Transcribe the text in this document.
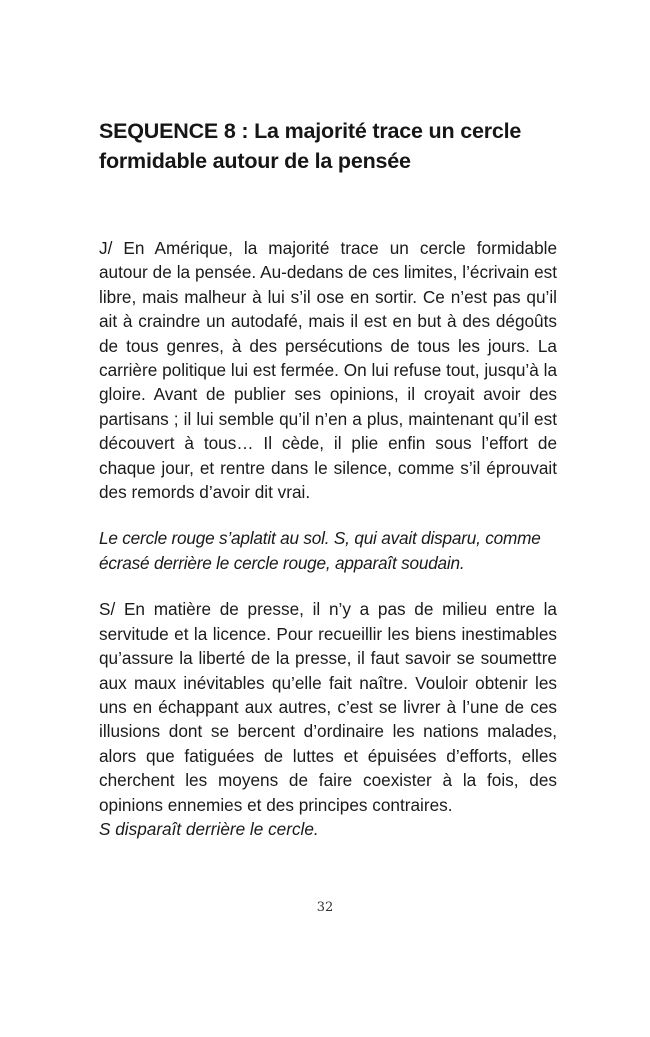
SEQUENCE 8 : La majorité trace un cercle formidable autour de la pensée

J/ En Amérique, la majorité trace un cercle formidable autour de la pensée. Au-dedans de ces limites, l’écrivain est libre, mais malheur à lui s’il ose en sortir. Ce n’est pas qu’il ait à craindre un autodafé, mais il est en but à des dégoûts de tous genres, à des persécutions de tous les jours. La carrière politique lui est fermée. On lui refuse tout, jusqu’à la gloire. Avant de publier ses opinions, il croyait avoir des partisans ; il lui semble qu’il n’en a plus, maintenant qu’il est découvert à tous… Il cède, il plie enfin sous l’effort de chaque jour, et rentre dans le silence, comme s’il éprouvait des remords d’avoir dit vrai.

Le cercle rouge s’aplatit au sol. S, qui avait disparu, comme écrasé derrière le cercle rouge, apparaît soudain.

S/ En matière de presse, il n’y a pas de milieu entre la servitude et la licence. Pour recueillir les biens inestimables qu’assure la liberté de la presse, il faut savoir se soumettre aux maux inévitables qu’elle fait naître. Vouloir obtenir les uns en échappant aux autres, c’est se livrer à l’une de ces illusions dont se bercent d’ordinaire les nations malades, alors que fatiguées de luttes et épuisées d’efforts, elles cherchent les moyens de faire coexister à la fois, des opinions ennemies et des principes contraires.

S disparaît derrière le cercle.

32
